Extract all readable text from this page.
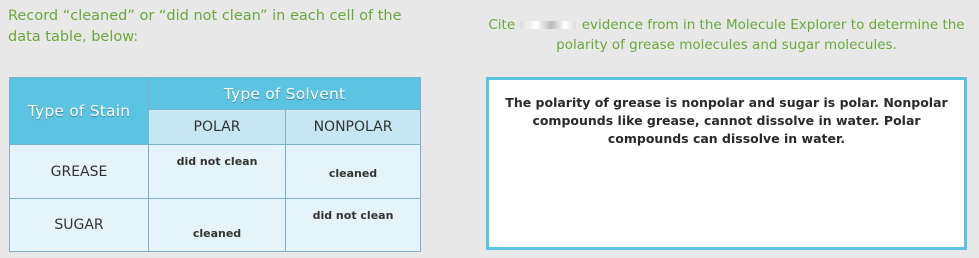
Record “cleaned” or “did not clean” in each cell of the data table, below:
Cite	evidence from in the Molecule Explorer to determine the polarity of grease molecules and sugar molecules.
Type of Stain	Type of Solvent	
	POLAR	NONPOLAR
GREASE	did not clean	cleaned
SUGAR	cleaned	did not clean
The polarity of grease is nonpolar and sugar is polar. Nonpolar compounds like grease, cannot dissolve in water. Polar compounds can dissolve in water.
